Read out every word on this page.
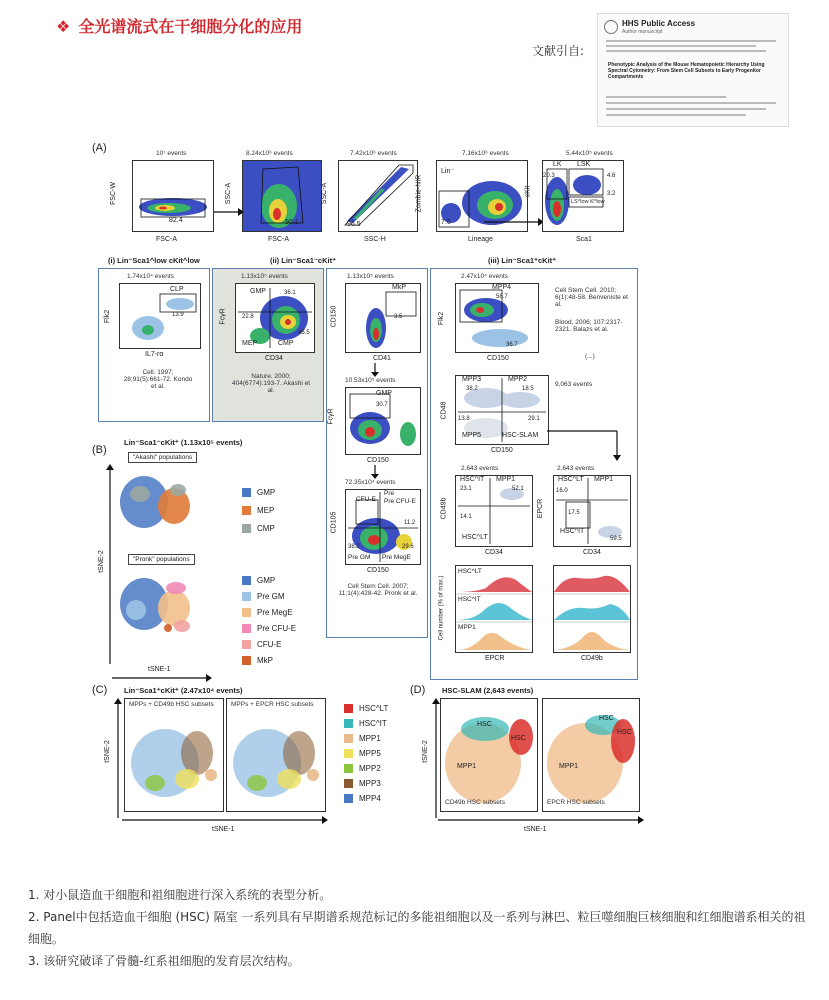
❖ 全光谱流式在干细胞分化的应用
文献引自:
HHS Public Access
Author manuscript
Phenotypic Analysis of the Mouse Hematopoietic Hierarchy Using Spectral Cytometry: From Stem Cell Subsets to Early Progenitor Compartments
(A)	10⁷ events
82.4
FSC-A
FSC-W
8.24x10⁶ events
90.1
FSC-A
SSC-A
7.42x10⁶ events
96.5
SSC-H
SSC-A
7.16x10⁶ events
Lin⁻
7.6
Lineage
Zombie-NIR
5.44x10⁵ events
LK LSK
20.3	4.6
3.2
LS^low K^low
Sca1
cKit
(i) Lin⁻Sca1^low cKit^low
1.74x10⁴ events
CLP
13.9
IL7-rα
Flk2
Cell. 1997; 28;91(5):661-72. Kondo et al.
(ii) Lin⁻Sca1⁻cKit⁺
1.13x10⁵ events
GMP	36.1
22.8
MEP	CMP
45.5
CD34
FcγR
Nature. 2000; 404(6774):193-7. Akashi et al.
1.13x10⁵ events
MkP
3.5
CD41
CD150
10.53x10⁵ events
GMP
30.7
CD150
FcγR
72.35x10⁴ events
Pre
CFU-E Pre CFU-E
11.2
29.6
38.2
Pre GM Pre MegE
CD150
CD105
Cell Stem Cell. 2007; 11;1(4):428-42. Pronk et al.
(iii) Lin⁻Sca1⁺cKit⁺
2.47x10⁴ events
MPP4
58.7
36.7
CD150
Flk2
Cell Stem Cell. 2010; 6(1):48-58. Benveniste et al.
Blood. 2006; 107:2317-2321. Balazs et al.
(...)
MPP3	MPP2
38.2	18.5
13.8	29.1
MPP5	HSC-SLAM
9,063 events
CD150
CD48
2,643 events
HSC^IT MPP1
23.1	52.1
14.1
HSC^LT
CD34
CD49b
2,643 events
HSC^LT MPP1
16.0
17.5
59.5
HSC^IT
CD34
EPCR
Cell number (% of max.)
HSC^LT
HSC^IT
MPP1
EPCR	CD49b
(B)
Lin⁻Sca1⁻cKit⁺ (1.13x10⁵ events)
"Akashi" populations
"Pronk" populations
tSNE-2
tSNE-1
GMP
MEP
CMP
GMP
Pre GM
Pre MegE
Pre CFU-E
CFU-E
MkP
(C) Lin⁻Sca1⁺cKit⁺ (2.47x10⁴ events)
MPPs + CD49b HSC subsets	MPPs + EPCR HSC subsets
tSNE-2
tSNE-1
HSC^LT
HSC^IT
MPP1
MPP5
MPP2
MPP3
MPP4
(D) HSC-SLAM (2,643 events)
HSC
HSC
MPP1
CD49b HSC subsets
HSC
HSC
MPP1
EPCR HSC subsets
tSNE-2
tSNE-1

1. 对小鼠造血干细胞和祖细胞进行深入系统的表型分析。

2. Panel中包括造血干细胞 (HSC) 隔室 一系列具有早期谱系规范标记的多能祖细胞以及一系列与淋巴、粒巨噬细胞巨核细胞和红细胞谱系相关的祖细胞。

3. 该研究破译了骨髓-红系祖细胞的发育层次结构。
